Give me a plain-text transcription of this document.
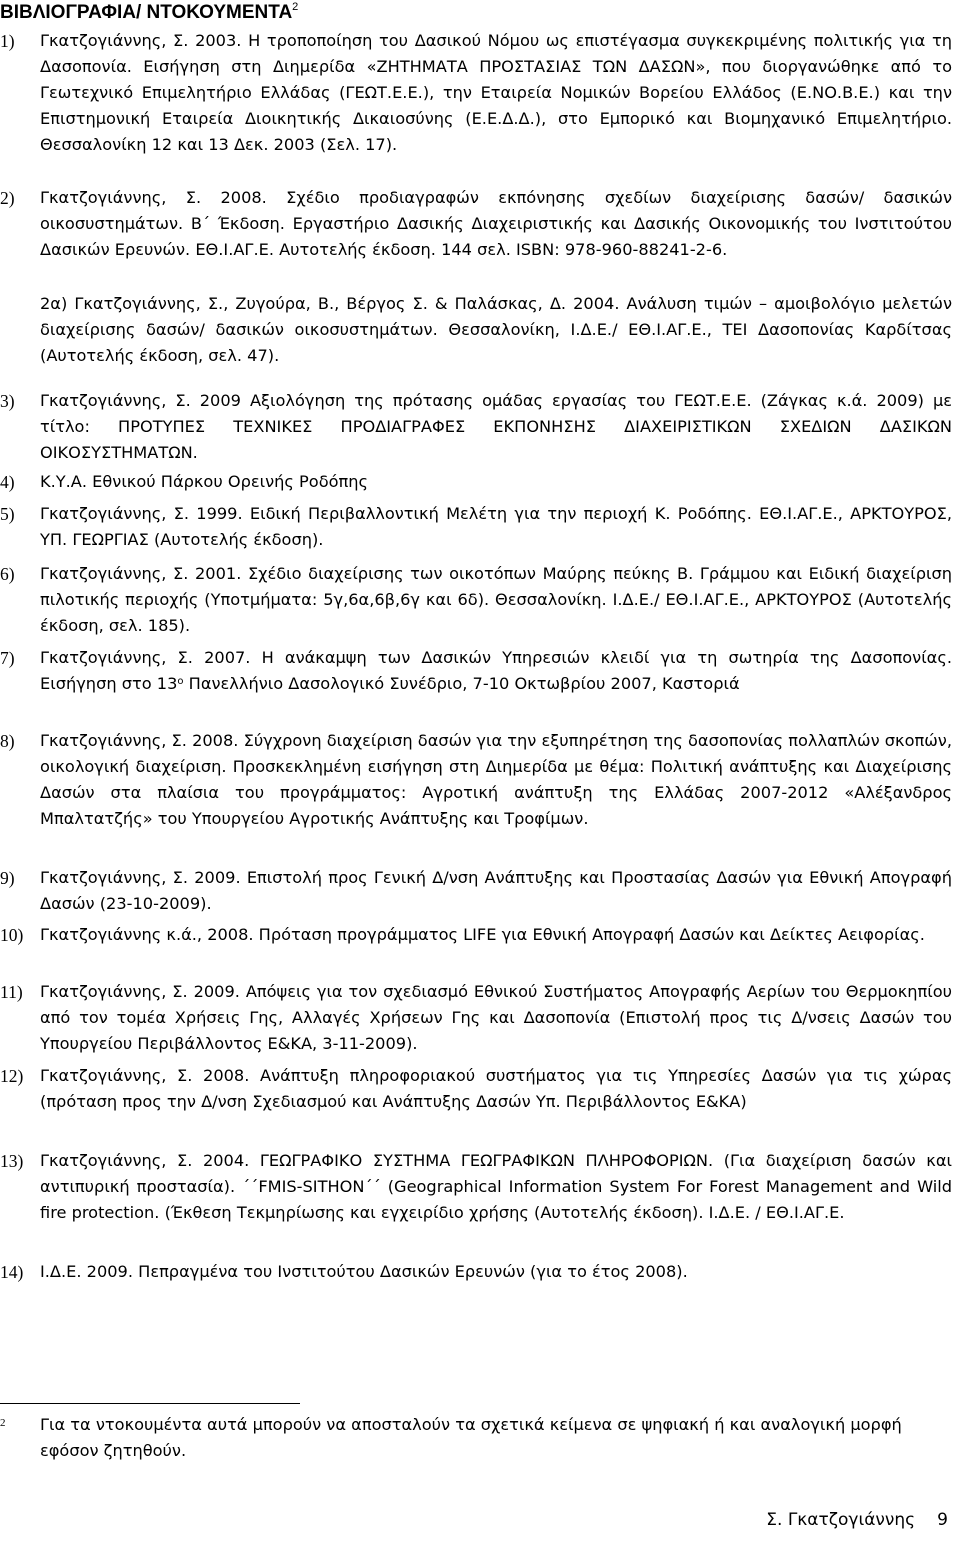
ΒΙΒΛΙΟΓΡΑΦΙΑ/ ΝΤΟΚΟΥΜΕΝΤΑ$^2$
1)	Γκατζογιάννης, Σ. 2003. Η τροποποίηση του Δασικού Νόμου ως επιστέγασμα συγκεκριμένης πολιτικής για τη Δασοπονία. Εισήγηση στη Διημερίδα «ΖΗΤΗΜΑΤΑ ΠΡΟΣΤΑΣΙΑΣ ΤΩΝ ΔΑΣΩΝ», που διοργανώθηκε από το Γεωτεχνικό Επιμελητήριο Ελλάδας (ΓΕΩΤ.Ε.Ε.), την Εταιρεία Νομικών Βορείου Ελλάδος (Ε.ΝΟ.Β.Ε.) και την Επιστημονική Εταιρεία Διοικητικής Δικαιοσύνης (Ε.Ε.Δ.Δ.), στο Εμπορικό και Βιομηχανικό Επιμελητήριο. Θεσσαλονίκη 12 και 13 Δεκ. 2003 (Σελ. 17).
2)	Γκατζογιάννης, Σ. 2008. Σχέδιο προδιαγραφών εκπόνησης σχεδίων διαχείρισης δασών/ δασικών οικοσυστημάτων. Β΄ Έκδοση. Εργαστήριο Δασικής Διαχειριστικής και Δασικής Οικονομικής του Ινστιτούτου Δασικών Ερευνών. ΕΘ.Ι.ΑΓ.Ε. Αυτοτελής έκδοση. 144 σελ. ISBN: 978-960-88241-2-6.
2α) Γκατζογιάννης, Σ., Ζυγούρα, Β., Βέργος Σ. & Παλάσκας, Δ. 2004. Ανάλυση τιμών – αμοιβολόγιο μελετών διαχείρισης δασών/ δασικών οικοσυστημάτων. Θεσσαλονίκη, Ι.Δ.Ε./ ΕΘ.Ι.ΑΓ.Ε., ΤΕΙ Δασοπονίας Καρδίτσας (Αυτοτελής έκδοση, σελ. 47).
3)	Γκατζογιάννης, Σ. 2009 Αξιολόγηση της πρότασης ομάδας εργασίας του ΓΕΩΤ.Ε.Ε. (Ζάγκας κ.ά. 2009) με τίτλο: ΠΡΟΤΥΠΕΣ ΤΕΧΝΙΚΕΣ ΠΡΟΔΙΑΓΡΑΦΕΣ ΕΚΠΟΝΗΣΗΣ ΔΙΑΧΕΙΡΙΣΤΙΚΩΝ ΣΧΕΔΙΩΝ ΔΑΣΙΚΩΝ ΟΙΚΟΣΥΣΤΗΜΑΤΩΝ.
4)	Κ.Υ.Α. Εθνικού Πάρκου Ορεινής Ροδόπης
5)	Γκατζογιάννης, Σ. 1999. Ειδική Περιβαλλοντική Μελέτη για την περιοχή Κ. Ροδόπης. ΕΘ.Ι.ΑΓ.Ε., ΑΡΚΤΟΥΡΟΣ, ΥΠ. ΓΕΩΡΓΙΑΣ (Αυτοτελής έκδοση).
6)	Γκατζογιάννης, Σ. 2001. Σχέδιο διαχείρισης των οικοτόπων Μαύρης πεύκης Β. Γράμμου και Ειδική διαχείριση πιλοτικής περιοχής (Υποτμήματα: 5γ,6α,6β,6γ και 6δ). Θεσσαλονίκη. Ι.Δ.Ε./ ΕΘ.Ι.ΑΓ.Ε., ΑΡΚΤΟΥΡΟΣ (Αυτοτελής έκδοση, σελ. 185).
7)	Γκατζογιάννης, Σ. 2007. Η ανάκαμψη των Δασικών Υπηρεσιών κλειδί για τη σωτηρία της Δασοπονίας. Εισήγηση στο $13^o$ Πανελλήνιο Δασολογικό Συνέδριο, 7-10 Οκτωβρίου 2007, Καστοριά
8)	Γκατζογιάννης, Σ. 2008. Σύγχρονη διαχείριση δασών για την εξυπηρέτηση της δασοπονίας πολλαπλών σκοπών, οικολογική διαχείριση. Προσκεκλημένη εισήγηση στη Διημερίδα με θέμα: Πολιτική ανάπτυξης και Διαχείρισης Δασών στα πλαίσια του προγράμματος: Αγροτική ανάπτυξη της Ελλάδας 2007-2012 «Αλέξανδρος Μπαλτατζής» του Υπουργείου Αγροτικής Ανάπτυξης και Τροφίμων.
9)	Γκατζογιάννης, Σ. 2009. Επιστολή προς Γενική Δ/νση Ανάπτυξης και Προστασίας Δασών για Εθνική Απογραφή Δασών (23-10-2009).
10)	Γκατζογιάννης κ.ά., 2008. Πρόταση προγράμματος LIFE για Εθνική Απογραφή Δασών και Δείκτες Αειφορίας.
11)	Γκατζογιάννης, Σ. 2009. Απόψεις για τον σχεδιασμό Εθνικού Συστήματος Απογραφής Αερίων του Θερμοκηπίου από τον τομέα Χρήσεις Γης, Αλλαγές Χρήσεων Γης και Δασοπονία (Επιστολή προς τις Δ/νσεις Δασών του Υπουργείου Περιβάλλοντος Ε&ΚΑ, 3-11-2009).
12)	Γκατζογιάννης, Σ. 2008. Ανάπτυξη πληροφοριακού συστήματος για τις Υπηρεσίες Δασών για τις χώρας (πρόταση προς την Δ/νση Σχεδιασμού και Ανάπτυξης Δασών Υπ. Περιβάλλοντος Ε&ΚΑ)
13)	Γκατζογιάννης, Σ. 2004. ΓΕΩΓΡΑΦΙΚΟ ΣΥΣΤΗΜΑ ΓΕΩΓΡΑΦΙΚΩΝ ΠΛΗΡΟΦΟΡΙΩΝ. (Για διαχείριση δασών και αντιπυρική προστασία). ΄΄FMIS-SITHON΄΄ (Geographical Information System For Forest Management and Wild fire protection. (Έκθεση Τεκμηρίωσης και εγχειρίδιο χρήσης (Αυτοτελής έκδοση). Ι.Δ.Ε. / ΕΘ.Ι.ΑΓ.Ε.
14)	Ι.Δ.Ε. 2009. Πεπραγμένα του Ινστιτούτου Δασικών Ερευνών (για το έτος 2008).
2 Για τα ντοκουμέντα αυτά μπορούν να αποσταλούν τα σχετικά κείμενα σε ψηφιακή ή και αναλογική μορφή εφόσον ζητηθούν.
Σ. Γκατζογιάννης 9
